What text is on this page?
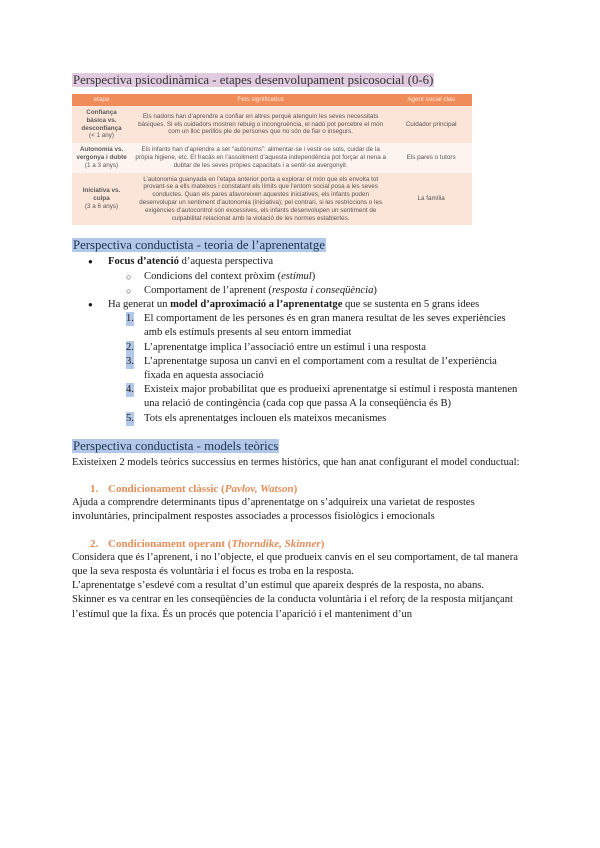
Perspectiva psicodinàmica - etapes desenvolupament psicosocial (0-6)

etapa	Fets significatius	Agent social clau
Confiança bàsica vs. desconfiança
(< 1 any)	Els nadons han d’aprendre a confiar en altres perquè atenguin les seves necessitats bàsiques. Si els cuidadors mostren rebuig o incongruència, el nadó pot percebre el món com un lloc perillós ple de persones que no són de fiar o insegurs.	Cuidador principal
Autonomia vs. vergonya i dubte
(1 a 3 anys)	Els infants han d’aprendre a ser “autònoms”: alimentar-se i vestir-se sols, cuidar de la pròpia higiene, etc. El fracàs en l’assoliment d’aquesta independència pot forçar al nena a dubtar de les seves pròpies capacitats i a sentir-se avergonyit.	Els pares o tutors
Iniciativa vs. culpa
(3 a 6 anys)	L’autonomia guanyada en l’etapa anterior porta a explorar el món que els envolta tot provant-se a ells mateixos i constatant els límits que l’entorn social posa a les seves conductes. Quan els pares afavoreixen aquestes iniciatives, els infants poden desenvolupar un sentiment d’autonomia (iniciativa); pel contrari, si les restriccions o les exigències d’autocontrol són excessives, els infants desenvolupen un sentiment de culpabilitat relacionat amb la violació de les normes establertes.	La família

Perspectiva conductista - teoria de l’aprenentatge

● Focus d’atenció d’aquesta perspectiva
○ Condicions del context pròxim (estímul)
○ Comportament de l’aprenent (resposta i conseqüència)
● Ha generat un model d’aproximació a l’aprenentatge que se sustenta en 5 grans idees
1. El comportament de les persones és en gran manera resultat de les seves experiències amb els estímuls presents al seu entorn immediat
2. L’aprenentatge implica l’associació entre un estímul i una resposta
3. L’aprenentatge suposa un canvi en el comportament com a resultat de l’experiència fixada en aquesta associació
4. Existeix major probabilitat que es produeixi aprenentatge si estímul i resposta mantenen una relació de contingència (cada cop que passa A la conseqüència és B)
5. Tots els aprenentatges inclouen els mateixos mecanismes

Perspectiva conductista - models teòrics

Existeixen 2 models teòrics successius en termes històrics, que han anat configurant el model conductual:

1. Condicionament clàssic (Pavlov, Watson)

Ajuda a comprendre determinants tipus d’aprenentatge on s’adquireix una varietat de respostes involuntàries, principalment respostes associades a processos fisiològics i emocionals

2. Condicionament operant (Thorndike, Skinner)

Considera que és l’aprenent, i no l’objecte, el que produeix canvis en el seu comportament, de tal manera que la seva resposta és voluntària i el focus es troba en la resposta.

L’aprenentatge s’esdevé com a resultat d’un estímul que apareix després de la resposta, no abans.

Skinner es va centrar en les conseqüències de la conducta voluntària i el reforç de la resposta mitjançant l’estímul que la fixa. És un procés que potencia l’aparició i el manteniment d’un
